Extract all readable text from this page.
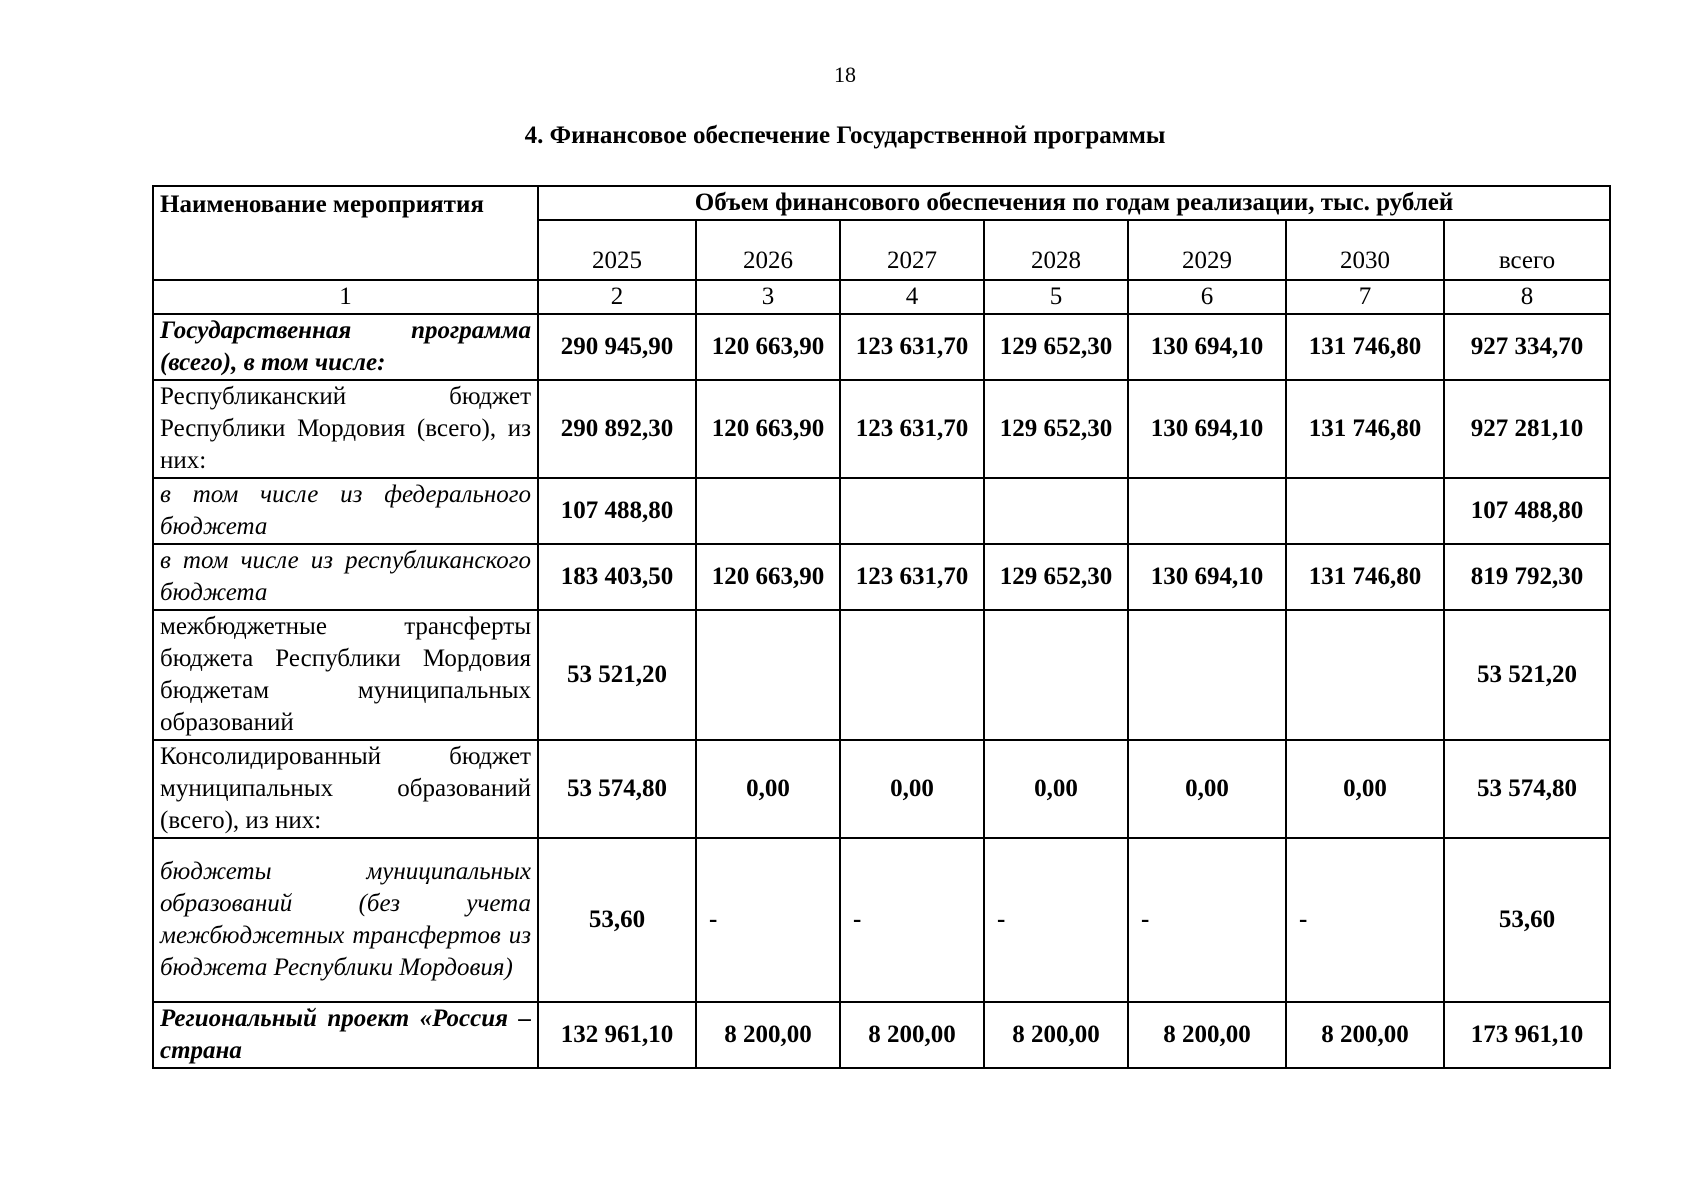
18
4. Финансовое обеспечение Государственной программы
Наименование мероприятия	Объем финансового обеспечения по годам реализации, тыс. рублей						
	2025	2026	2027	2028	2029	2030	всего
1	2	3	4	5	6	7	8
Государственная программа (всего), в том числе:	290 945,90	120 663,90	123 631,70	129 652,30	130 694,10	131 746,80	927 334,70
Республиканский бюджет Республики Мордовия (всего), из них:	290 892,30	120 663,90	123 631,70	129 652,30	130 694,10	131 746,80	927 281,10
в том числе из федерального бюджета	107 488,80						107 488,80
в том числе из республиканского бюджета	183 403,50	120 663,90	123 631,70	129 652,30	130 694,10	131 746,80	819 792,30
межбюджетные трансферты бюджета Республики Мордовия бюджетам муниципальных образований	53 521,20						53 521,20
Консолидированный бюджет муниципальных образований (всего), из них:	53 574,80	0,00	0,00	0,00	0,00	0,00	53 574,80
бюджеты муниципальных образований (без учета межбюджетных трансфертов из бюджета Республики Мордовия)	53,60	-	-	-	-	-	53,60
Региональный проект «Россия – страна	132 961,10	8 200,00	8 200,00	8 200,00	8 200,00	8 200,00	173 961,10
